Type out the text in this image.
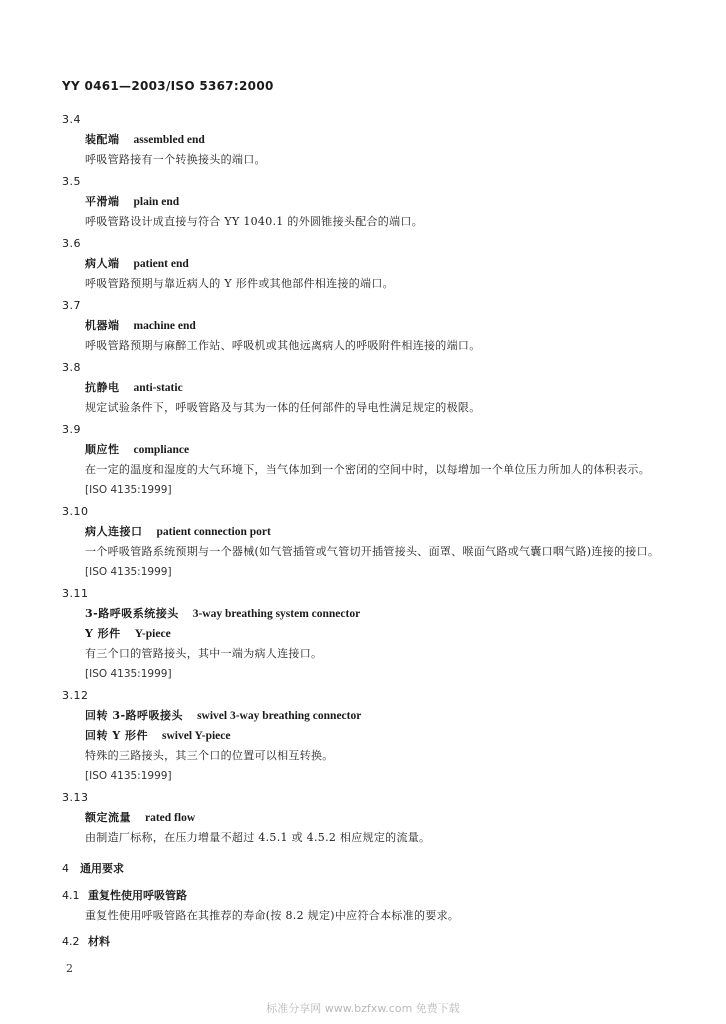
YY 0461—2003/ISO 5367:2000
3.4
装配端 assembled end
呼吸管路接有一个转换接头的端口。
3.5
平滑端 plain end
呼吸管路设计成直接与符合 YY 1040.1 的外圆锥接头配合的端口。
3.6
病人端 patient end
呼吸管路预期与靠近病人的 Y 形件或其他部件相连接的端口。
3.7
机器端 machine end
呼吸管路预期与麻醉工作站、呼吸机或其他远离病人的呼吸附件相连接的端口。
3.8
抗静电 anti-static
规定试验条件下，呼吸管路及与其为一体的任何部件的导电性满足规定的极限。
3.9
顺应性 compliance
在一定的温度和湿度的大气环境下，当气体加到一个密闭的空间中时，以每增加一个单位压力所加人的体积表示。
[ISO 4135:1999]
3.10
病人连接口 patient connection port
一个呼吸管路系统预期与一个器械(如气管插管或气管切开插管接头、面罩、喉面气路或气囊口咽气路)连接的接口。
[ISO 4135:1999]
3.11
3-路呼吸系统接头 3-way breathing system connector
Y 形件 Y-piece
有三个口的管路接头，其中一端为病人连接口。
[ISO 4135:1999]
3.12
回转 3-路呼吸接头 swivel 3-way breathing connector
回转 Y 形件 swivel Y-piece
特殊的三路接头，其三个口的位置可以相互转换。
[ISO 4135:1999]
3.13
额定流量 rated flow
由制造厂标称，在压力增量不超过 4.5.1 或 4.5.2 相应规定的流量。
4 通用要求
4.1 重复性使用呼吸管路
重复性使用呼吸管路在其推荐的寿命(按 8.2 规定)中应符合本标准的要求。
4.2 材料
2
标准分享网 www.bzfxw.com 免费下载
